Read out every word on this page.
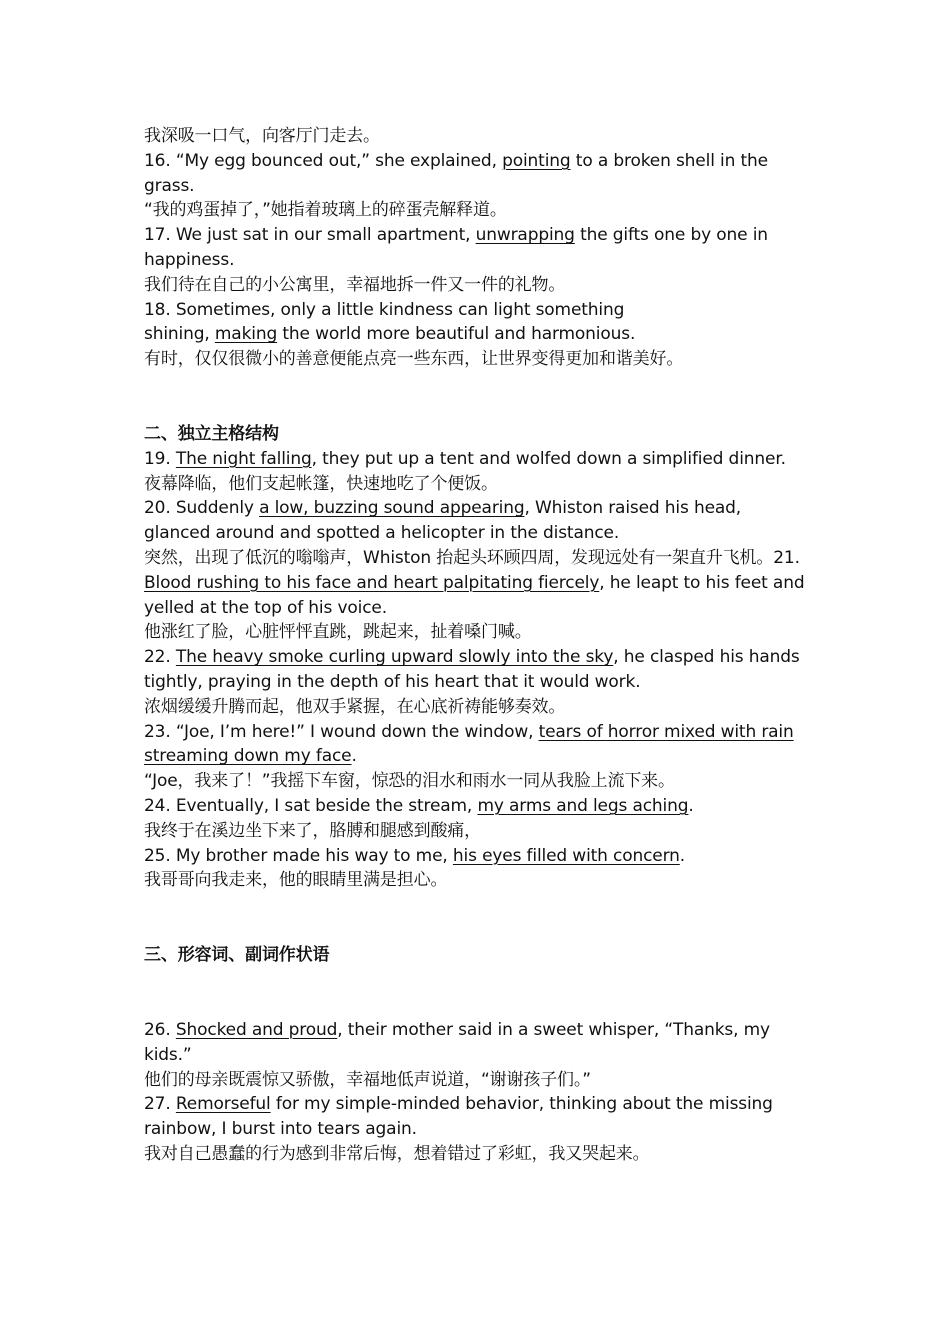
我深吸一口气，向客厅门走去。
16. “My egg bounced out,” she explained, pointing to a broken shell in the grass.
“我的鸡蛋掉了，”她指着玻璃上的碎蛋壳解释道。
17. We just sat in our small apartment, unwrapping the gifts one by one in happiness.
我们待在自己的小公寓里，幸福地拆一件又一件的礼物。
18. Sometimes, only a little kindness can light something shining, making the world more beautiful and harmonious.
有时，仅仅很微小的善意便能点亮一些东西，让世界变得更加和谐美好。
二、独立主格结构
19. The night falling, they put up a tent and wolfed down a simplified dinner.
夜幕降临，他们支起帐篷，快速地吃了个便饭。
20. Suddenly a low, buzzing sound appearing, Whiston raised his head, glanced around and spotted a helicopter in the distance.
突然，出现了低沉的嗡嗡声，Whiston 抬起头环顾四周，发现远处有一架直升飞机。21. Blood rushing to his face and heart palpitating fiercely, he leapt to his feet and yelled at the top of his voice.
他涨红了脸，心脏怦怦直跳，跳起来，扯着嗓门喊。
22. The heavy smoke curling upward slowly into the sky, he clasped his hands tightly, praying in the depth of his heart that it would work.
浓烟缓缓升腾而起，他双手紧握，在心底祈祷能够奏效。
23. “Joe, I’m here!” I wound down the window, tears of horror mixed with rain streaming down my face.
“Joe，我来了！”我摇下车窗，惊恐的泪水和雨水一同从我脸上流下来。
24. Eventually, I sat beside the stream, my arms and legs aching.
我终于在溪边坐下来了，胳膊和腿感到酸痛，
25. My brother made his way to me, his eyes filled with concern.
我哥哥向我走来，他的眼睛里满是担心。
三、形容词、副词作状语
26. Shocked and proud, their mother said in a sweet whisper, “Thanks, my kids.”
他们的母亲既震惊又骄傲，幸福地低声说道，“谢谢孩子们。”
27. Remorseful for my simple-minded behavior, thinking about the missing rainbow, I burst into tears again.
我对自己愚蠢的行为感到非常后悔，想着错过了彩虹，我又哭起来。
